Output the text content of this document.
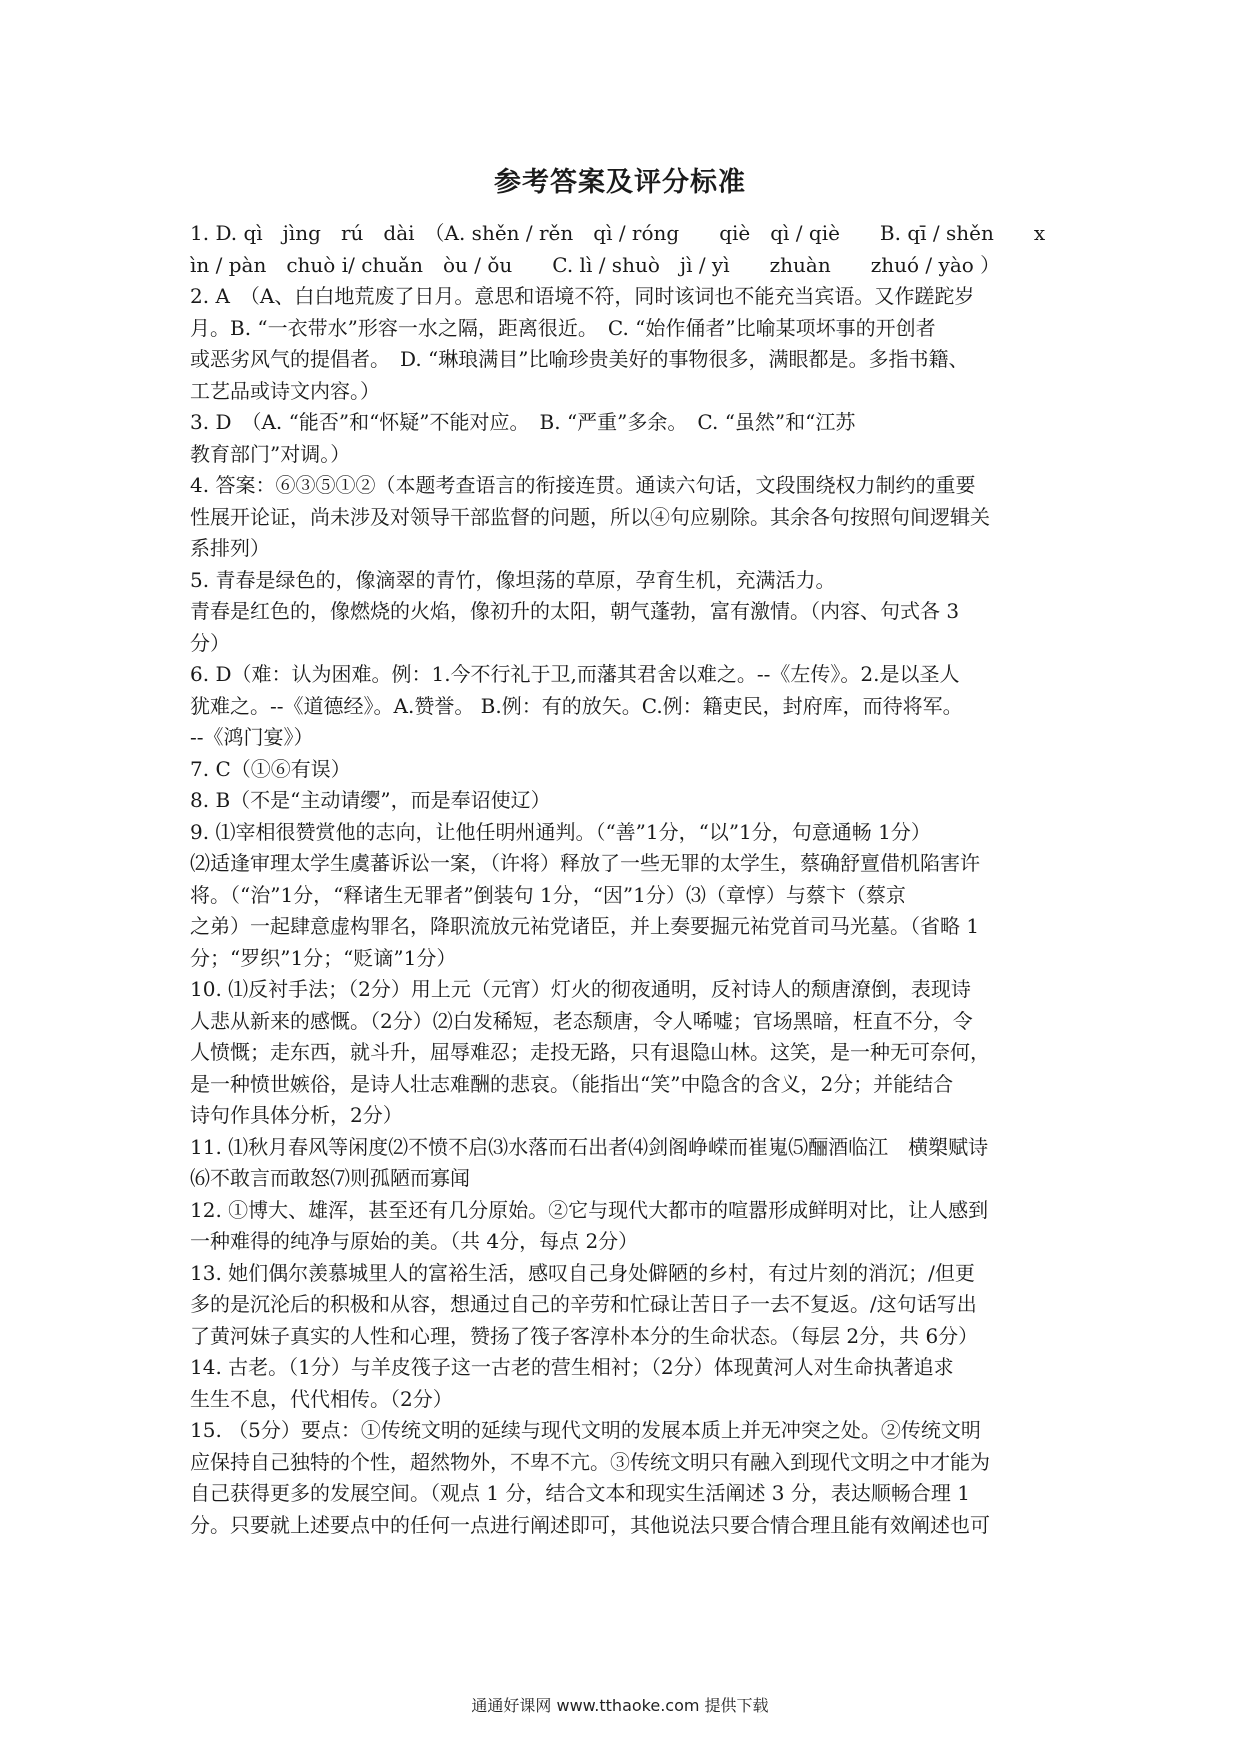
参考答案及评分标准

1. D. qì　jìng　rú　dài　（A. shěn / rěn　qì / róng　　qiè　qì / qiè　　B. qī / shěn　　x

ìn / pàn　chuò i/ chuǎn　òu / ǒu　　C. lì / shuò　jì / yì　　zhuàn　　zhuó / yào ）

2. A　（A、白白地荒废了日月。意思和语境不符，同时该词也不能充当宾语。又作蹉跎岁

月。B. “一衣带水”形容一水之隔，距离很近。　C. “始作俑者”比喻某项坏事的开创者

或恶劣风气的提倡者。　D. “琳琅满目”比喻珍贵美好的事物很多，满眼都是。多指书籍、

工艺品或诗文内容。）

3. D　（A. “能否”和“怀疑”不能对应。　B. “严重”多余。　C. “虽然”和“江苏

教育部门”对调。）

4. 答案：⑥③⑤①②（本题考查语言的衔接连贯。通读六句话，文段围绕权力制约的重要

性展开论证，尚未涉及对领导干部监督的问题，所以④句应剔除。其余各句按照句间逻辑关

系排列）

5. 青春是绿色的，像滴翠的青竹，像坦荡的草原，孕育生机，充满活力。

青春是红色的，像燃烧的火焰，像初升的太阳，朝气蓬勃，富有激情。（内容、句式各 3

分）

6. D（难：认为困难。例：1.今不行礼于卫,而藩其君舍以难之。--《左传》。2.是以圣人

犹难之。--《道德经》。A.赞誉。 B.例：有的放矢。C.例：籍吏民，封府库，而待将军。

--《鸿门宴》）

7. C（①⑥有误）

8. B（不是“主动请缨”，而是奉诏使辽）

9. ⑴宰相很赞赏他的志向，让他任明州通判。（“善”1分，“以”1分，句意通畅 1分）

⑵适逢审理太学生虞蕃诉讼一案，（许将）释放了一些无罪的太学生，蔡确舒亶借机陷害许

将。（“治”1分，“释诸生无罪者”倒装句 1分，“因”1分）⑶（章惇）与蔡卞（蔡京

之弟）一起肆意虚构罪名，降职流放元祐党诸臣，并上奏要掘元祐党首司马光墓。（省略 1

分；“罗织”1分；“贬谪”1分）

10. ⑴反衬手法；（2分）用上元（元宵）灯火的彻夜通明，反衬诗人的颓唐潦倒，表现诗

人悲从新来的感慨。（2分）⑵白发稀短，老态颓唐，令人唏嘘；官场黑暗，枉直不分，令

人愤慨；走东西，就斗升，屈辱难忍；走投无路，只有退隐山林。这笑，是一种无可奈何，

是一种愤世嫉俗，是诗人壮志难酬的悲哀。（能指出“笑”中隐含的含义，2分；并能结合

诗句作具体分析，2分）

11. ⑴秋月春风等闲度⑵不愤不启⑶水落而石出者⑷剑阁峥嵘而崔嵬⑸酾酒临江　横槊赋诗

⑹不敢言而敢怒⑺则孤陋而寡闻

12. ①博大、雄浑，甚至还有几分原始。②它与现代大都市的喧嚣形成鲜明对比，让人感到

一种难得的纯净与原始的美。（共 4分，每点 2分）

13. 她们偶尔羡慕城里人的富裕生活，感叹自己身处僻陋的乡村，有过片刻的消沉；/但更

多的是沉沦后的积极和从容，想通过自己的辛劳和忙碌让苦日子一去不复返。/这句话写出

了黄河妹子真实的人性和心理，赞扬了筏子客淳朴本分的生命状态。（每层 2分，共 6分）

14. 古老。（1分）与羊皮筏子这一古老的营生相衬；（2分）体现黄河人对生命执著追求

生生不息，代代相传。（2分）

15. （5分）要点：①传统文明的延续与现代文明的发展本质上并无冲突之处。②传统文明

应保持自己独特的个性，超然物外，不卑不亢。③传统文明只有融入到现代文明之中才能为

自己获得更多的发展空间。（观点 1 分，结合文本和现实生活阐述 3 分，表达顺畅合理 1

分。只要就上述要点中的任何一点进行阐述即可，其他说法只要合情合理且能有效阐述也可

通通好课网 www.tthaoke.com 提供下载
